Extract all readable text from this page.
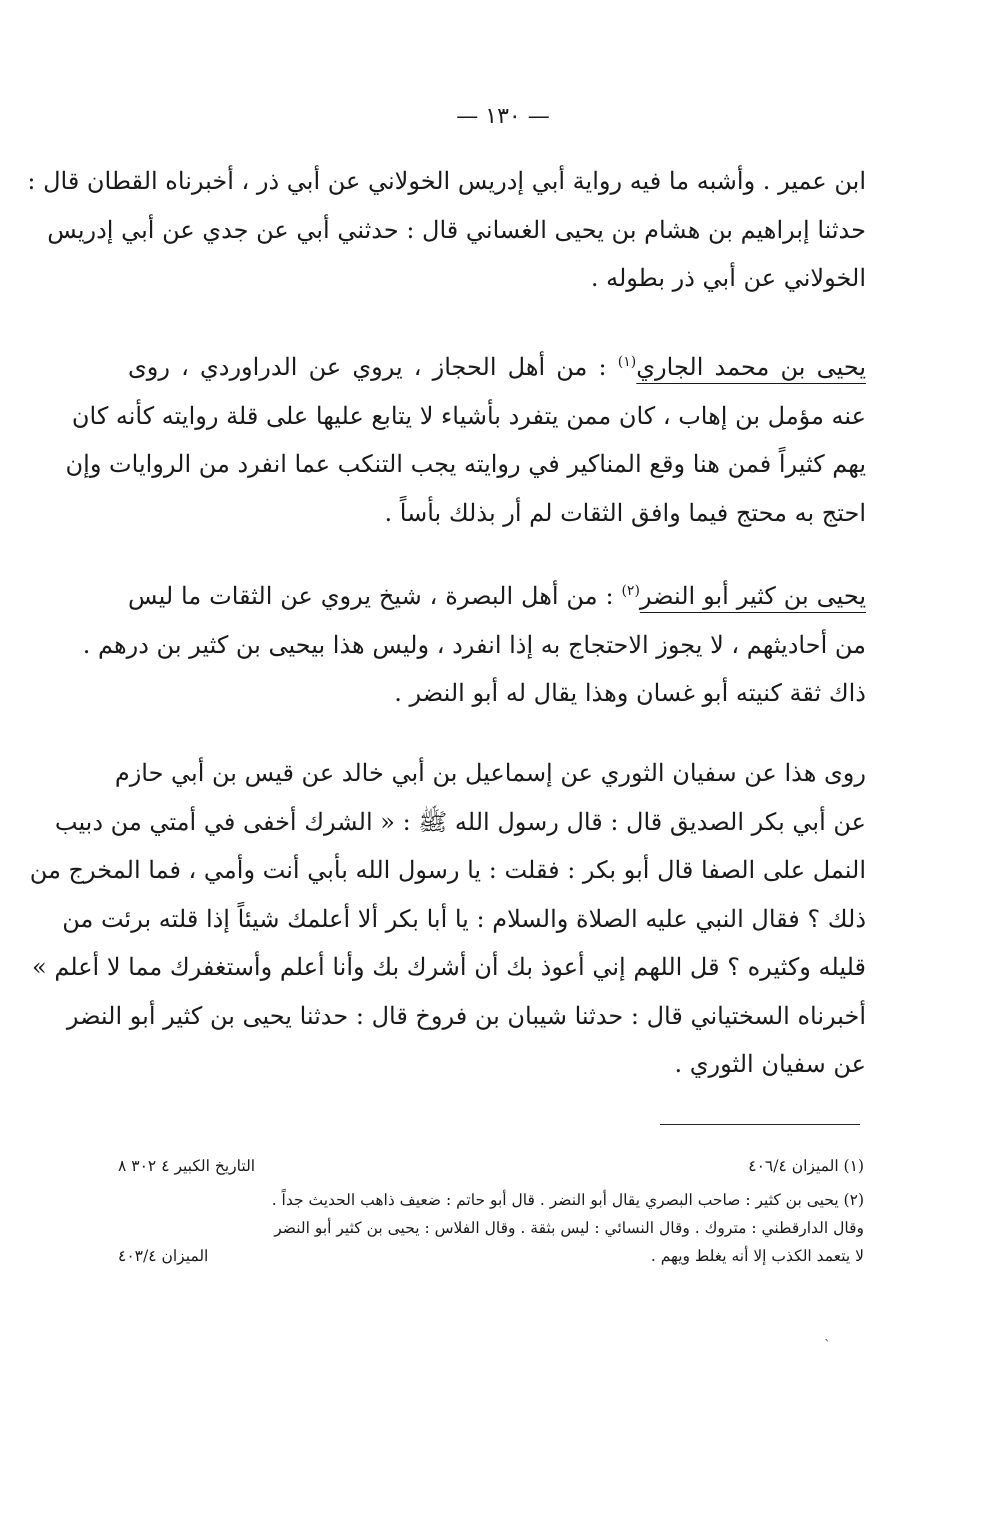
— ١٣٠ —
ابن عمير . وأشبه ما فيه رواية أبي إدريس الخولاني عن أبي ذر ، أخبرناه القطان قال :
حدثنا إبراهيم بن هشام بن يحيى الغساني قال : حدثني أبي عن جدي عن أبي إدريس
الخولاني عن أبي ذر بطوله .
يحيى بن محمد الجاري$^{(١)}$ : من أهل الحجاز ، يروي عن الدراوردي ، روى
عنه مؤمل بن إهاب ، كان ممن يتفرد بأشياء لا يتابع عليها على قلة روايته كأنه كان
يهم كثيراً فمن هنا وقع المناكير في روايته يجب التنكب عما انفرد من الروايات وإن
احتج به محتج فيما وافق الثقات لم أر بذلك بأساً .
يحيى بن كثير أبو النضر$^{(٢)}$ : من أهل البصرة ، شيخ يروي عن الثقات ما ليس
من أحاديثهم ، لا يجوز الاحتجاج به إذا انفرد ، وليس هذا بيحيى بن كثير بن درهم .
ذاك ثقة كنيته أبو غسان وهذا يقال له أبو النضر .
روى هذا عن سفيان الثوري عن إسماعيل بن أبي خالد عن قيس بن أبي حازم
عن أبي بكر الصديق قال : قال رسول الله ﷺ : « الشرك أخفى في أمتي من دبيب
النمل على الصفا قال أبو بكر : فقلت : يا رسول الله بأبي أنت وأمي ، فما المخرج من
ذلك ؟ فقال النبي عليه الصلاة والسلام : يا أبا بكر ألا أعلمك شيئاً إذا قلته برئت من
قليله وكثيره ؟ قل اللهم إني أعوذ بك أن أشرك بك وأنا أعلم وأستغفرك مما لا أعلم »
أخبرناه السختياني قال : حدثنا شيبان بن فروخ قال : حدثنا يحيى بن كثير أبو النضر
عن سفيان الثوري .
(١) الميزان ٤٠٦/٤
التاريخ الكبير ٤ ٣٠٢ ٨
(٢) يحيى بن كثير : صاحب البصري يقال أبو النضر . قال أبو حاتم : ضعيف ذاهب الحديث جداً .
وقال الدارقطني : متروك . وقال النسائي : ليس بثقة . وقال الفلاس : يحيى بن كثير أبو النضر
لا يتعمد الكذب إلا أنه يغلط ويهم .
الميزان ٤٠٣/٤
ˋ
